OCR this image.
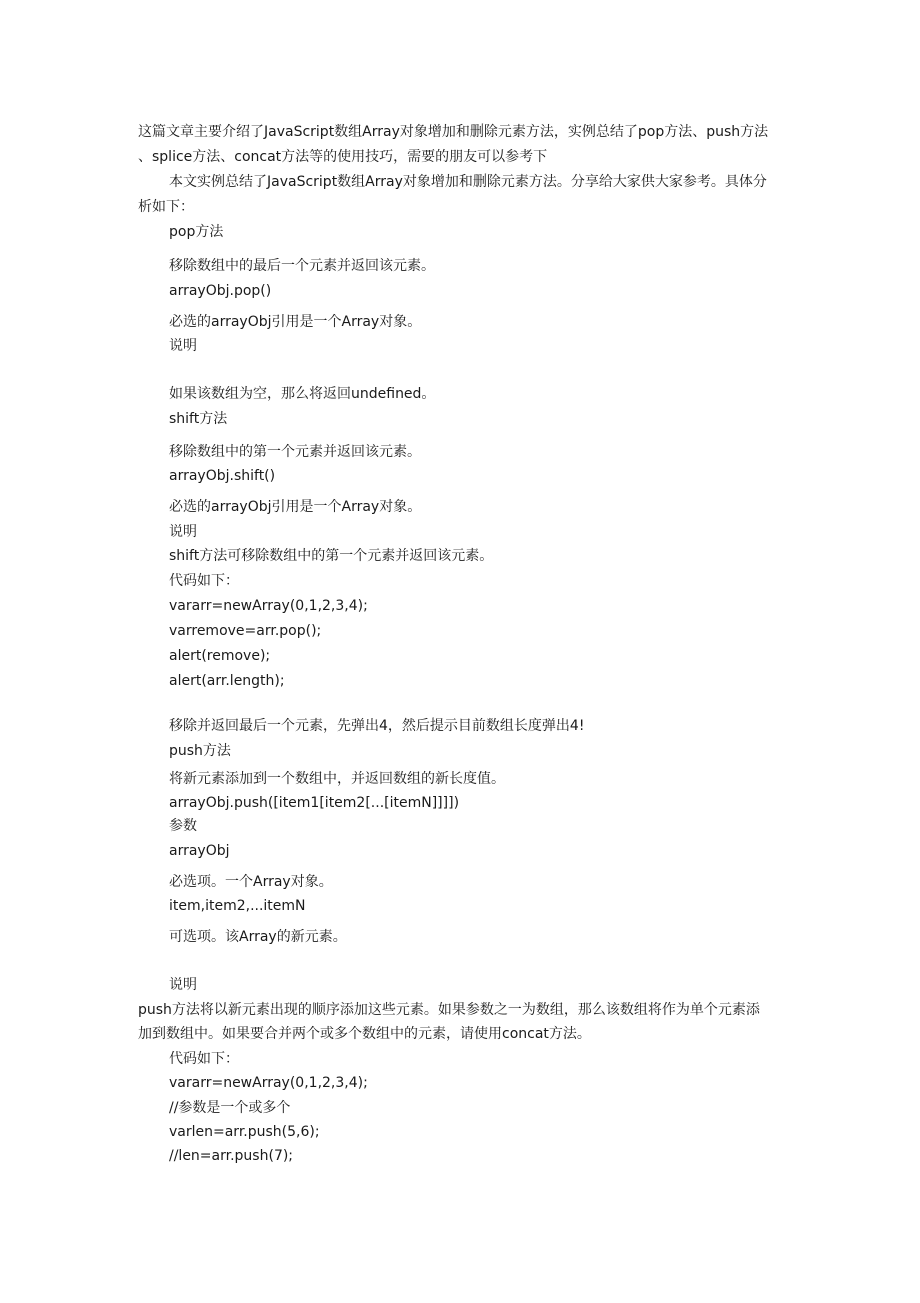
这篇文章主要介绍了JavaScript数组Array对象增加和删除元素方法，实例总结了pop方法、push方法
、splice方法、concat方法等的使用技巧，需要的朋友可以参考下
本文实例总结了JavaScript数组Array对象增加和删除元素方法。分享给大家供大家参考。具体分
析如下：
pop方法
移除数组中的最后一个元素并返回该元素。
arrayObj.pop()
必选的arrayObj引用是一个Array对象。
说明
如果该数组为空，那么将返回undefined。
shift方法
移除数组中的第一个元素并返回该元素。
arrayObj.shift()
必选的arrayObj引用是一个Array对象。
说明
shift方法可移除数组中的第一个元素并返回该元素。
代码如下：
vararr=newArray(0,1,2,3,4);
varremove=arr.pop();
alert(remove);
alert(arr.length);
移除并返回最后一个元素，先弹出4，然后提示目前数组长度弹出4!
push方法
将新元素添加到一个数组中，并返回数组的新长度值。
arrayObj.push([item1[item2[...[itemN]]]])
参数
arrayObj
必选项。一个Array对象。
item,item2,...itemN
可选项。该Array的新元素。
说明
push方法将以新元素出现的顺序添加这些元素。如果参数之一为数组，那么该数组将作为单个元素添
加到数组中。如果要合并两个或多个数组中的元素，请使用concat方法。
代码如下：
vararr=newArray(0,1,2,3,4);
//参数是一个或多个
varlen=arr.push(5,6);
//len=arr.push(7);
